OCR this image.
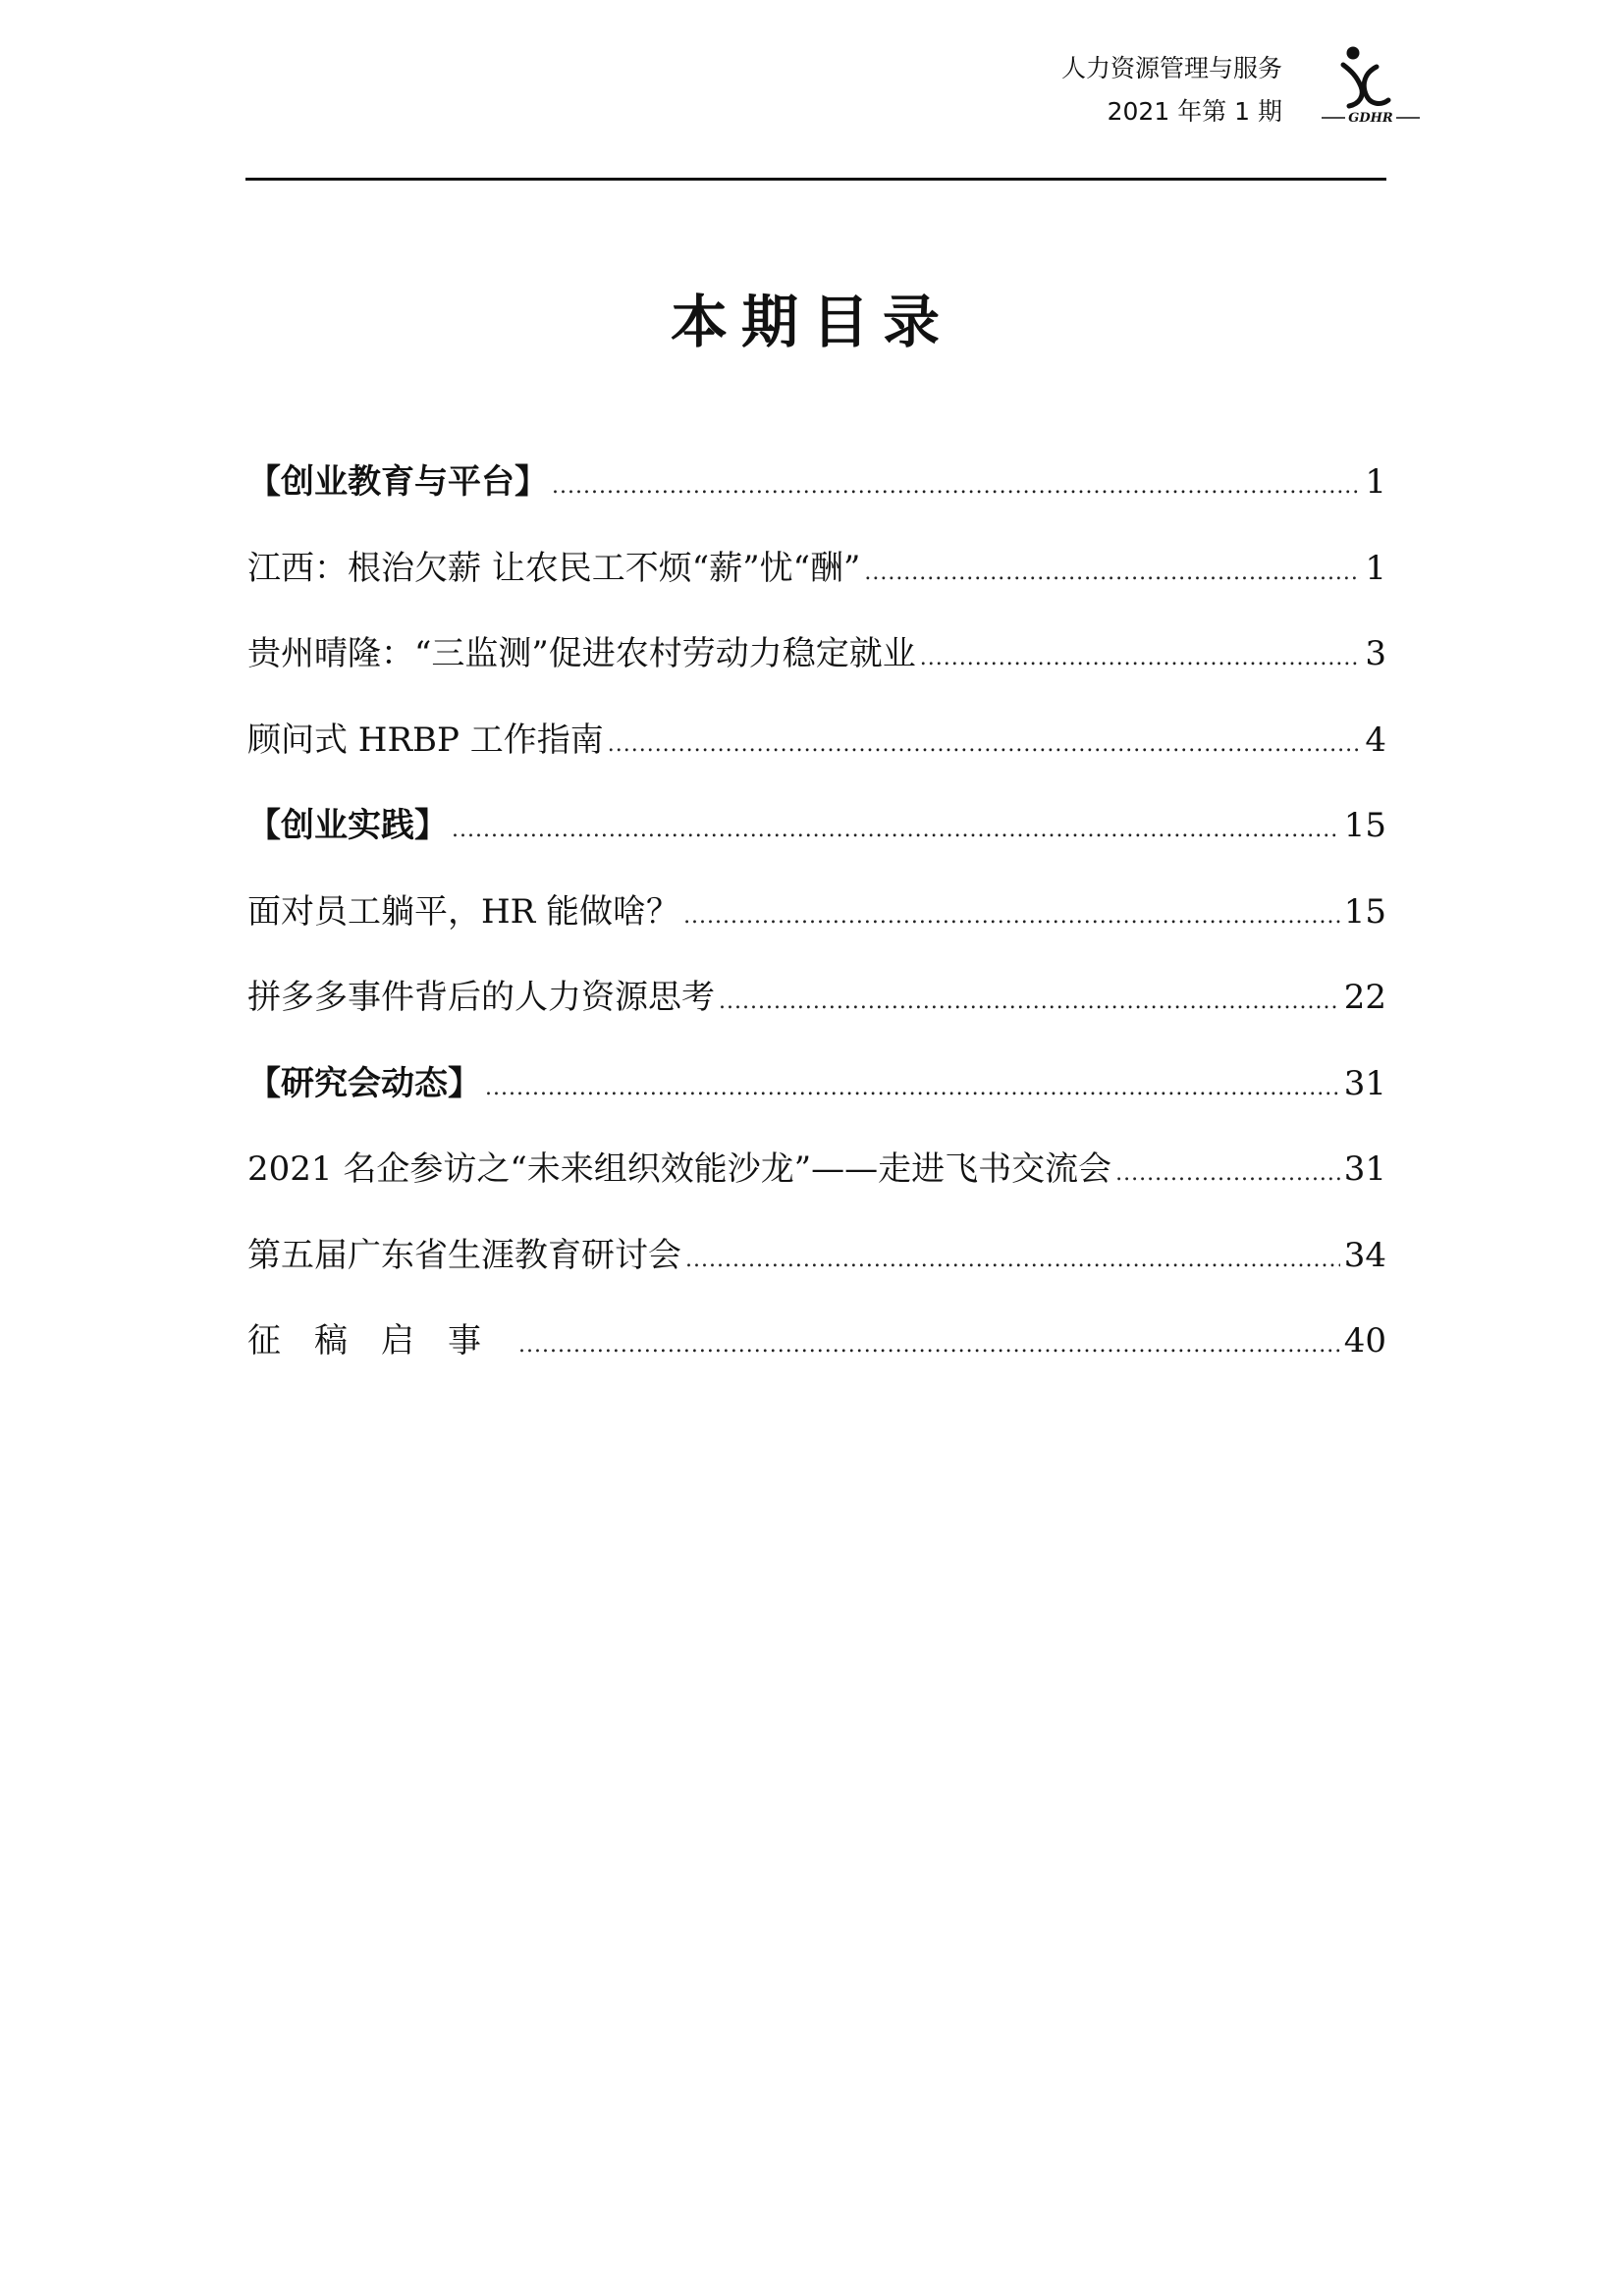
人力资源管理与服务
2021 年第 1 期	GDHR
本期目录
【创业教育与平台】 .....	1
江西：根治欠薪 让农民工不烦“薪”忧“酬” .....	1
贵州晴隆：“三监测”促进农村劳动力稳定就业 .....	3
顾问式 HRBP 工作指南 .....	4
【创业实践】 .....	15
面对员工躺平，HR 能做啥？ .....	15
拼多多事件背后的人力资源思考 .....	22
【研究会动态】 .....	31
2021 名企参访之“未来组织效能沙龙”——走进飞书交流会 .....	31
第五届广东省生涯教育研讨会 .....	34
征稿启事 .....	40
